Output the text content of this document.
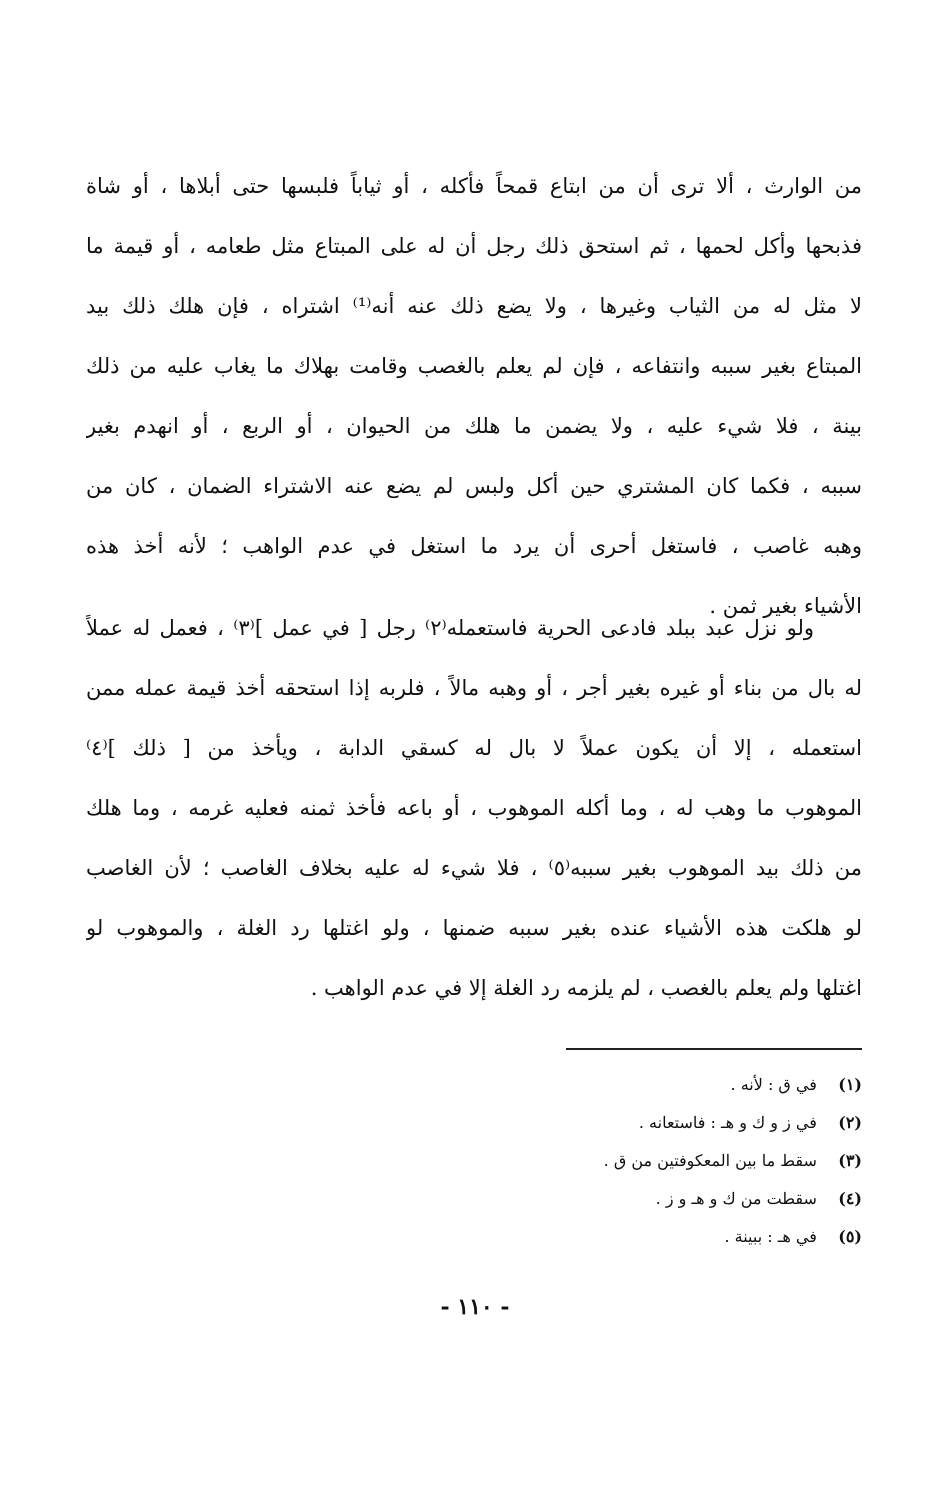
من الوارث ، ألا ترى أن من ابتاع قمحاً فأكله ، أو ثياباً فلبسها حتى أبلاها ، أو شاة
فذبحها وأكل لحمها ، ثم استحق ذلك رجل أن له على المبتاع مثل طعامه ، أو قيمة ما
لا مثل له من الثياب وغيرها ، ولا يضع ذلك عنه أنه⁽¹⁾ اشتراه ، فإن هلك ذلك بيد
المبتاع بغير سببه وانتفاعه ، فإن لم يعلم بالغصب وقامت بهلاك ما يغاب عليه من ذلك
بينة ، فلا شيء عليه ، ولا يضمن ما هلك من الحيوان ، أو الربع ، أو انهدم بغير
سببه ، فكما كان المشتري حين أكل ولبس لم يضع عنه الاشتراء الضمان ، كان من
وهبه غاصب ، فاستغل أحرى أن يرد ما استغل في عدم الواهب ؛ لأنه أخذ هذه
الأشياء بغير ثمن .
ولو نزل عبد ببلد فادعى الحرية فاستعمله⁽٢⁾ رجل [ في عمل ]⁽٣⁾ ، فعمل له عملاً
له بال من بناء أو غيره بغير أجر ، أو وهبه مالاً ، فلربه إذا استحقه أخذ قيمة عمله ممن
استعمله ، إلا أن يكون عملاً لا بال له كسقي الدابة ، ويأخذ من [ ذلك ]⁽٤⁾
الموهوب ما وهب له ، وما أكله الموهوب ، أو باعه فأخذ ثمنه فعليه غرمه ، وما هلك
من ذلك بيد الموهوب بغير سببه⁽٥⁾ ، فلا شيء له عليه بخلاف الغاصب ؛ لأن الغاصب
لو هلكت هذه الأشياء عنده بغير سببه ضمنها ، ولو اغتلها رد الغلة ، والموهوب لو
اغتلها ولم يعلم بالغصب ، لم يلزمه رد الغلة إلا في عدم الواهب .
(١) في ق : لأنه .
(٢) في ز و ك و هـ : فاستعانه .
(٣) سقط ما بين المعكوفتين من ق .
(٤) سقطت من ك و هـ و ز .
(٥) في هـ : ببينة .
- ١١٠ -
